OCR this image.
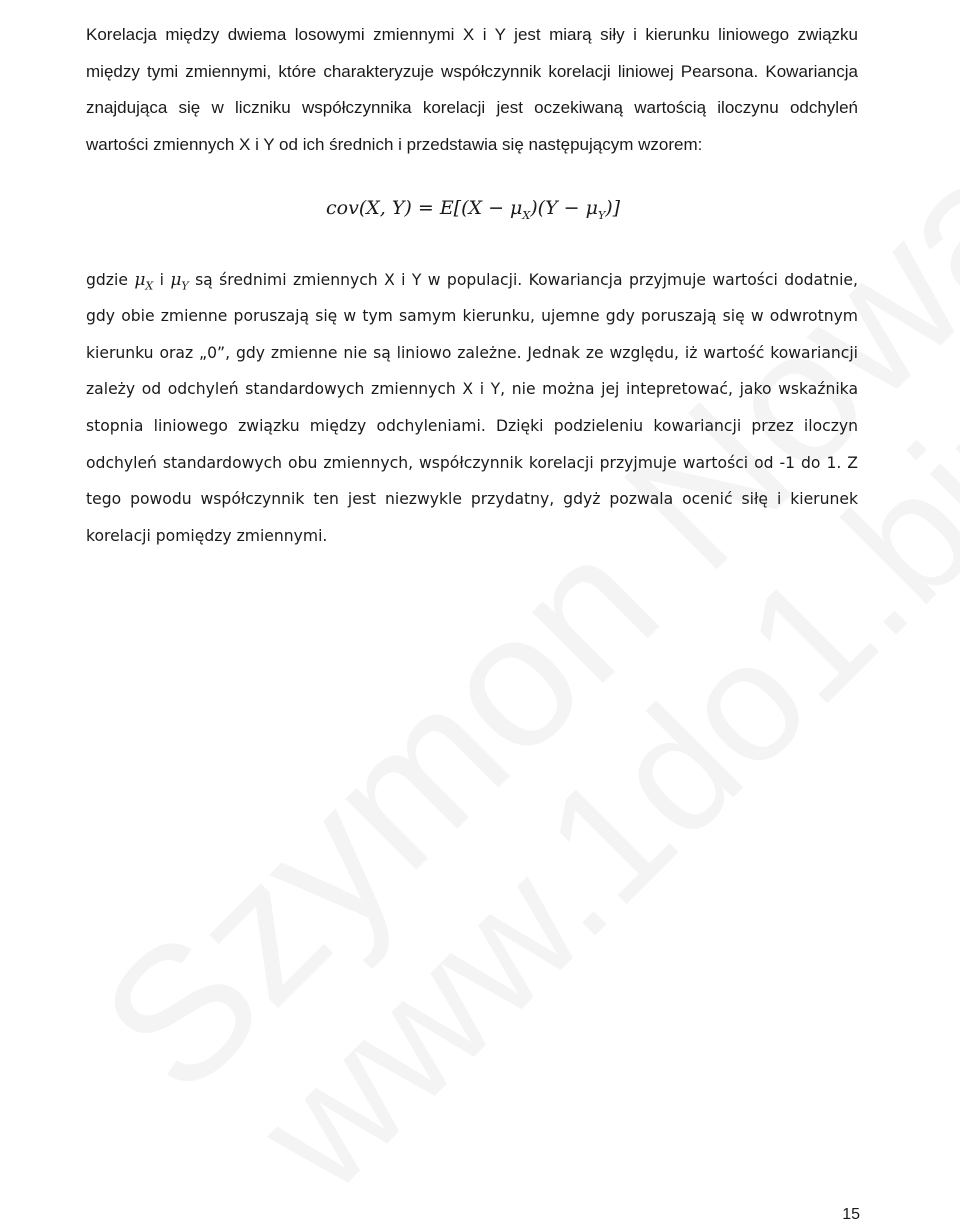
Korelacja między dwiema losowymi zmiennymi X i Y jest miarą siły i kierunku liniowego związku między tymi zmiennymi, które charakteryzuje współczynnik korelacji liniowej Pearsona. Kowariancja znajdująca się w liczniku współczynnika korelacji jest oczekiwaną wartością iloczynu odchyleń wartości zmiennych X i Y od ich średnich i przedstawia się następującym wzorem:

cov(X, $Y) = E[(X - \mu_X)(Y - \mu_Y)]$

gdzie $\mu_X$ i $\mu_Y$ są średnimi zmiennych X i Y w populacji. Kowariancja przyjmuje wartości dodatnie, gdy obie zmienne poruszają się w tym samym kierunku, ujemne gdy poruszają się w odwrotnym kierunku oraz „0”, gdy zmienne nie są liniowo zależne. Jednak ze względu, iż wartość kowariancji zależy od odchyleń standardowych zmiennych X i Y, nie można jej intepretować, jako wskaźnika stopnia liniowego związku między odchyleniami. Dzięki podzieleniu kowariancji przez iloczyn odchyleń standardowych obu zmiennych, współczynnik korelacji przyjmuje wartości od -1 do 1. Z tego powodu współczynnik ten jest niezwykle przydatny, gdyż pozwala ocenić siłę i kierunek korelacji pomiędzy zmiennymi.

15
